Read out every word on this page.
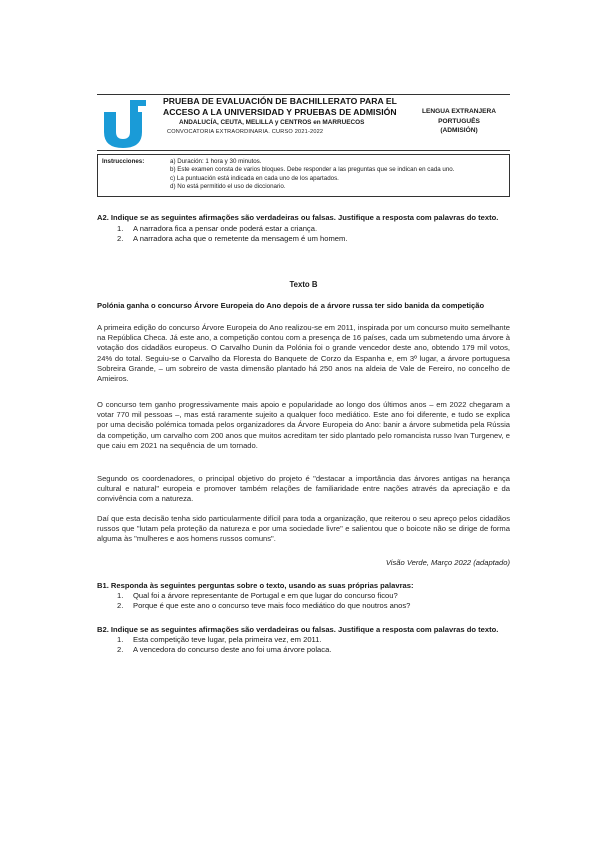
PRUEBA DE EVALUACIÓN DE BACHILLERATO PARA EL
ACCESO A LA UNIVERSIDAD Y PRUEBAS DE ADMISIÓN
ANDALUCÍA, CEUTA, MELILLA y CENTROS en MARRUECOS
CONVOCATORIA EXTRAORDINARIA. CURSO 2021-2022
LENGUA EXTRANJERA
PORTUGUÊS
(ADMISIÓN)
Instrucciones:	a) Duración: 1 hora y 30 minutos.
b) Este examen consta de varios bloques. Debe responder a las preguntas que se indican en cada uno.
c) La puntuación está indicada en cada uno de los apartados.
d) No está permitido el uso de diccionario.
A2. Indique se as seguintes afirmações são verdadeiras ou falsas. Justifique a resposta com palavras do texto.
1.	A narradora fica a pensar onde poderá estar a criança.
2.	A narradora acha que o remetente da mensagem é um homem.
Texto B
Polónia ganha o concurso Árvore Europeia do Ano depois de a árvore russa ter sido banida da competição
A primeira edição do concurso Árvore Europeia do Ano realizou-se em 2011, inspirada por um concurso muito semelhante na República Checa. Já este ano, a competição contou com a presença de 16 países, cada um submetendo uma árvore à votação dos cidadãos europeus. O Carvalho Dunin da Polónia foi o grande vencedor deste ano, obtendo 179 mil votos, 24% do total. Seguiu-se o Carvalho da Floresta do Banquete de Corzo da Espanha e, em 3º lugar, a árvore portuguesa Sobreira Grande, – um sobreiro de vasta dimensão plantado há 250 anos na aldeia de Vale de Fereiro, no concelho de Amieiros.
O concurso tem ganho progressivamente mais apoio e popularidade ao longo dos últimos anos – em 2022 chegaram a votar 770 mil pessoas –, mas está raramente sujeito a qualquer foco mediático. Este ano foi diferente, e tudo se explica por uma decisão polémica tomada pelos organizadores da Árvore Europeia do Ano: banir a árvore submetida pela Rússia da competição, um carvalho com 200 anos que muitos acreditam ter sido plantado pelo romancista russo Ivan Turgenev, e que caiu em 2021 na sequência de um tornado.
Segundo os coordenadores, o principal objetivo do projeto é "destacar a importância das árvores antigas na herança cultural e natural" europeia e promover também relações de familiaridade entre nações através da apreciação e da convivência com a natureza.
Daí que esta decisão tenha sido particularmente difícil para toda a organização, que reiterou o seu apreço pelos cidadãos russos que "lutam pela proteção da natureza e por uma sociedade livre" e salientou que o boicote não se dirige de forma alguma às "mulheres e aos homens russos comuns".
Visão Verde, Março 2022 (adaptado)
B1. Responda às seguintes perguntas sobre o texto, usando as suas próprias palavras:
1.	Qual foi a árvore representante de Portugal e em que lugar do concurso ficou?
2.	Porque é que este ano o concurso teve mais foco mediático do que noutros anos?
B2. Indique se as seguintes afirmações são verdadeiras ou falsas. Justifique a resposta com palavras do texto.
1.	Esta competição teve lugar, pela primeira vez, em 2011.
2.	A vencedora do concurso deste ano foi uma árvore polaca.
